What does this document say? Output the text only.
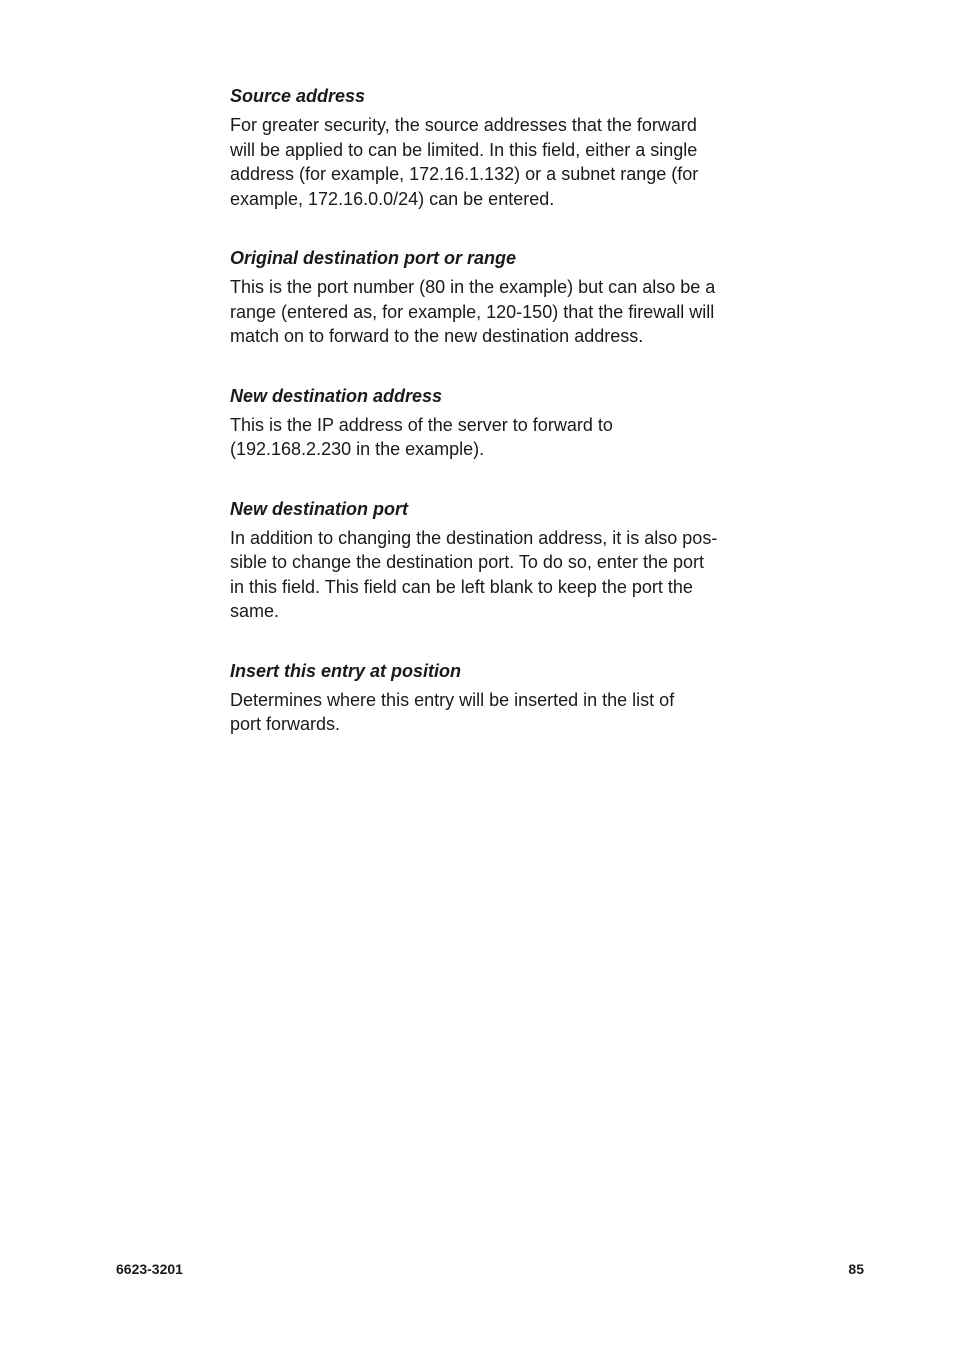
Source address
For greater security, the source addresses that the forward
will be applied to can be limited. In this field, either a single
address (for example, 172.16.1.132) or a subnet range (for
example, 172.16.0.0/24) can be entered.
Original destination port or range
This is the port number (80 in the example) but can also be a
range (entered as, for example, 120-150) that the firewall will
match on to forward to the new destination address.
New destination address
This is the IP address of the server to forward to
(192.168.2.230 in the example).
New destination port
In addition to changing the destination address, it is also pos-
sible to change the destination port. To do so, enter the port
in this field. This field can be left blank to keep the port the
same.
Insert this entry at position
Determines where this entry will be inserted in the list of
port forwards.
6623-3201	85
